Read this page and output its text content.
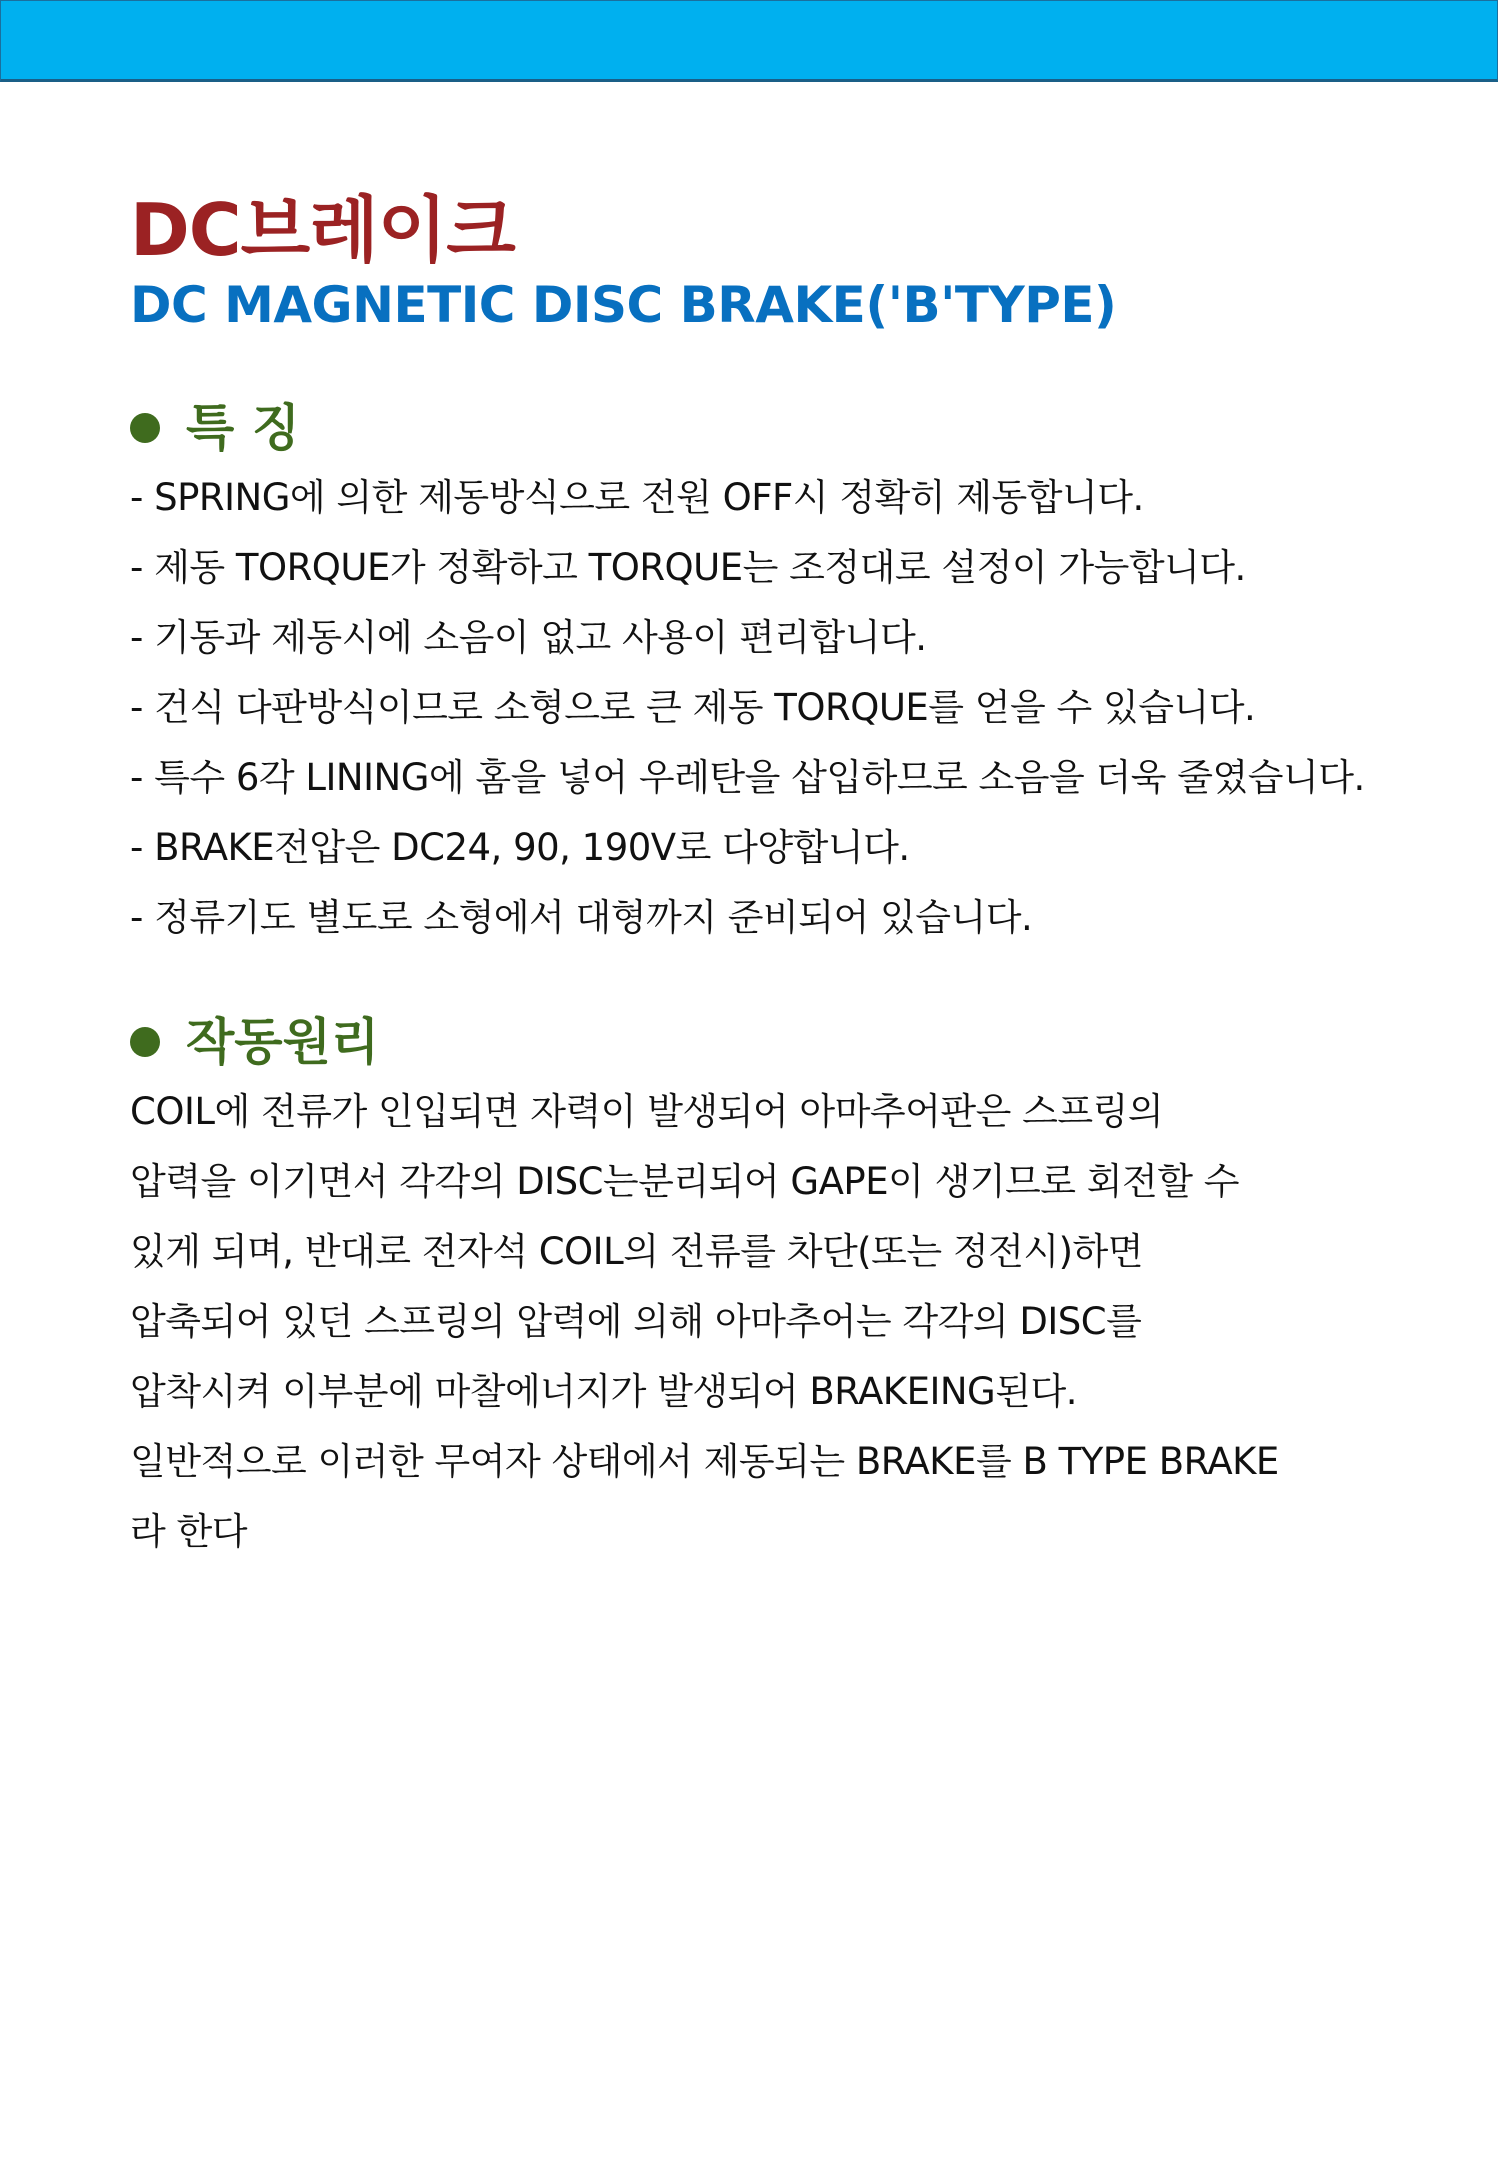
DC브레이크
DC MAGNETIC DISC BRAKE('B'TYPE)
특 징
- SPRING에 의한 제동방식으로 전원 OFF시 정확히 제동합니다.
- 제동 TORQUE가 정확하고 TORQUE는 조정대로 설정이 가능합니다.
- 기동과 제동시에 소음이 없고 사용이 편리합니다.
- 건식 다판방식이므로 소형으로 큰 제동 TORQUE를 얻을 수 있습니다.
- 특수 6각 LINING에 홈을 넣어 우레탄을 삽입하므로 소음을 더욱 줄였습니다.
- BRAKE전압은 DC24, 90, 190V로 다양합니다.
- 정류기도 별도로 소형에서 대형까지 준비되어 있습니다.
작동원리

COIL에 전류가 인입되면 자력이 발생되어 아마추어판은 스프링의

압력을 이기면서 각각의 DISC는분리되어 GAPE이 생기므로 회전할 수

있게 되며, 반대로 전자석 COIL의 전류를 차단(또는 정전시)하면

압축되어 있던 스프링의 압력에 의해 아마추어는 각각의 DISC를

압착시켜 이부분에 마찰에너지가 발생되어 BRAKEING된다.

일반적으로 이러한 무여자 상태에서 제동되는 BRAKE를 B TYPE BRAKE

라 한다
